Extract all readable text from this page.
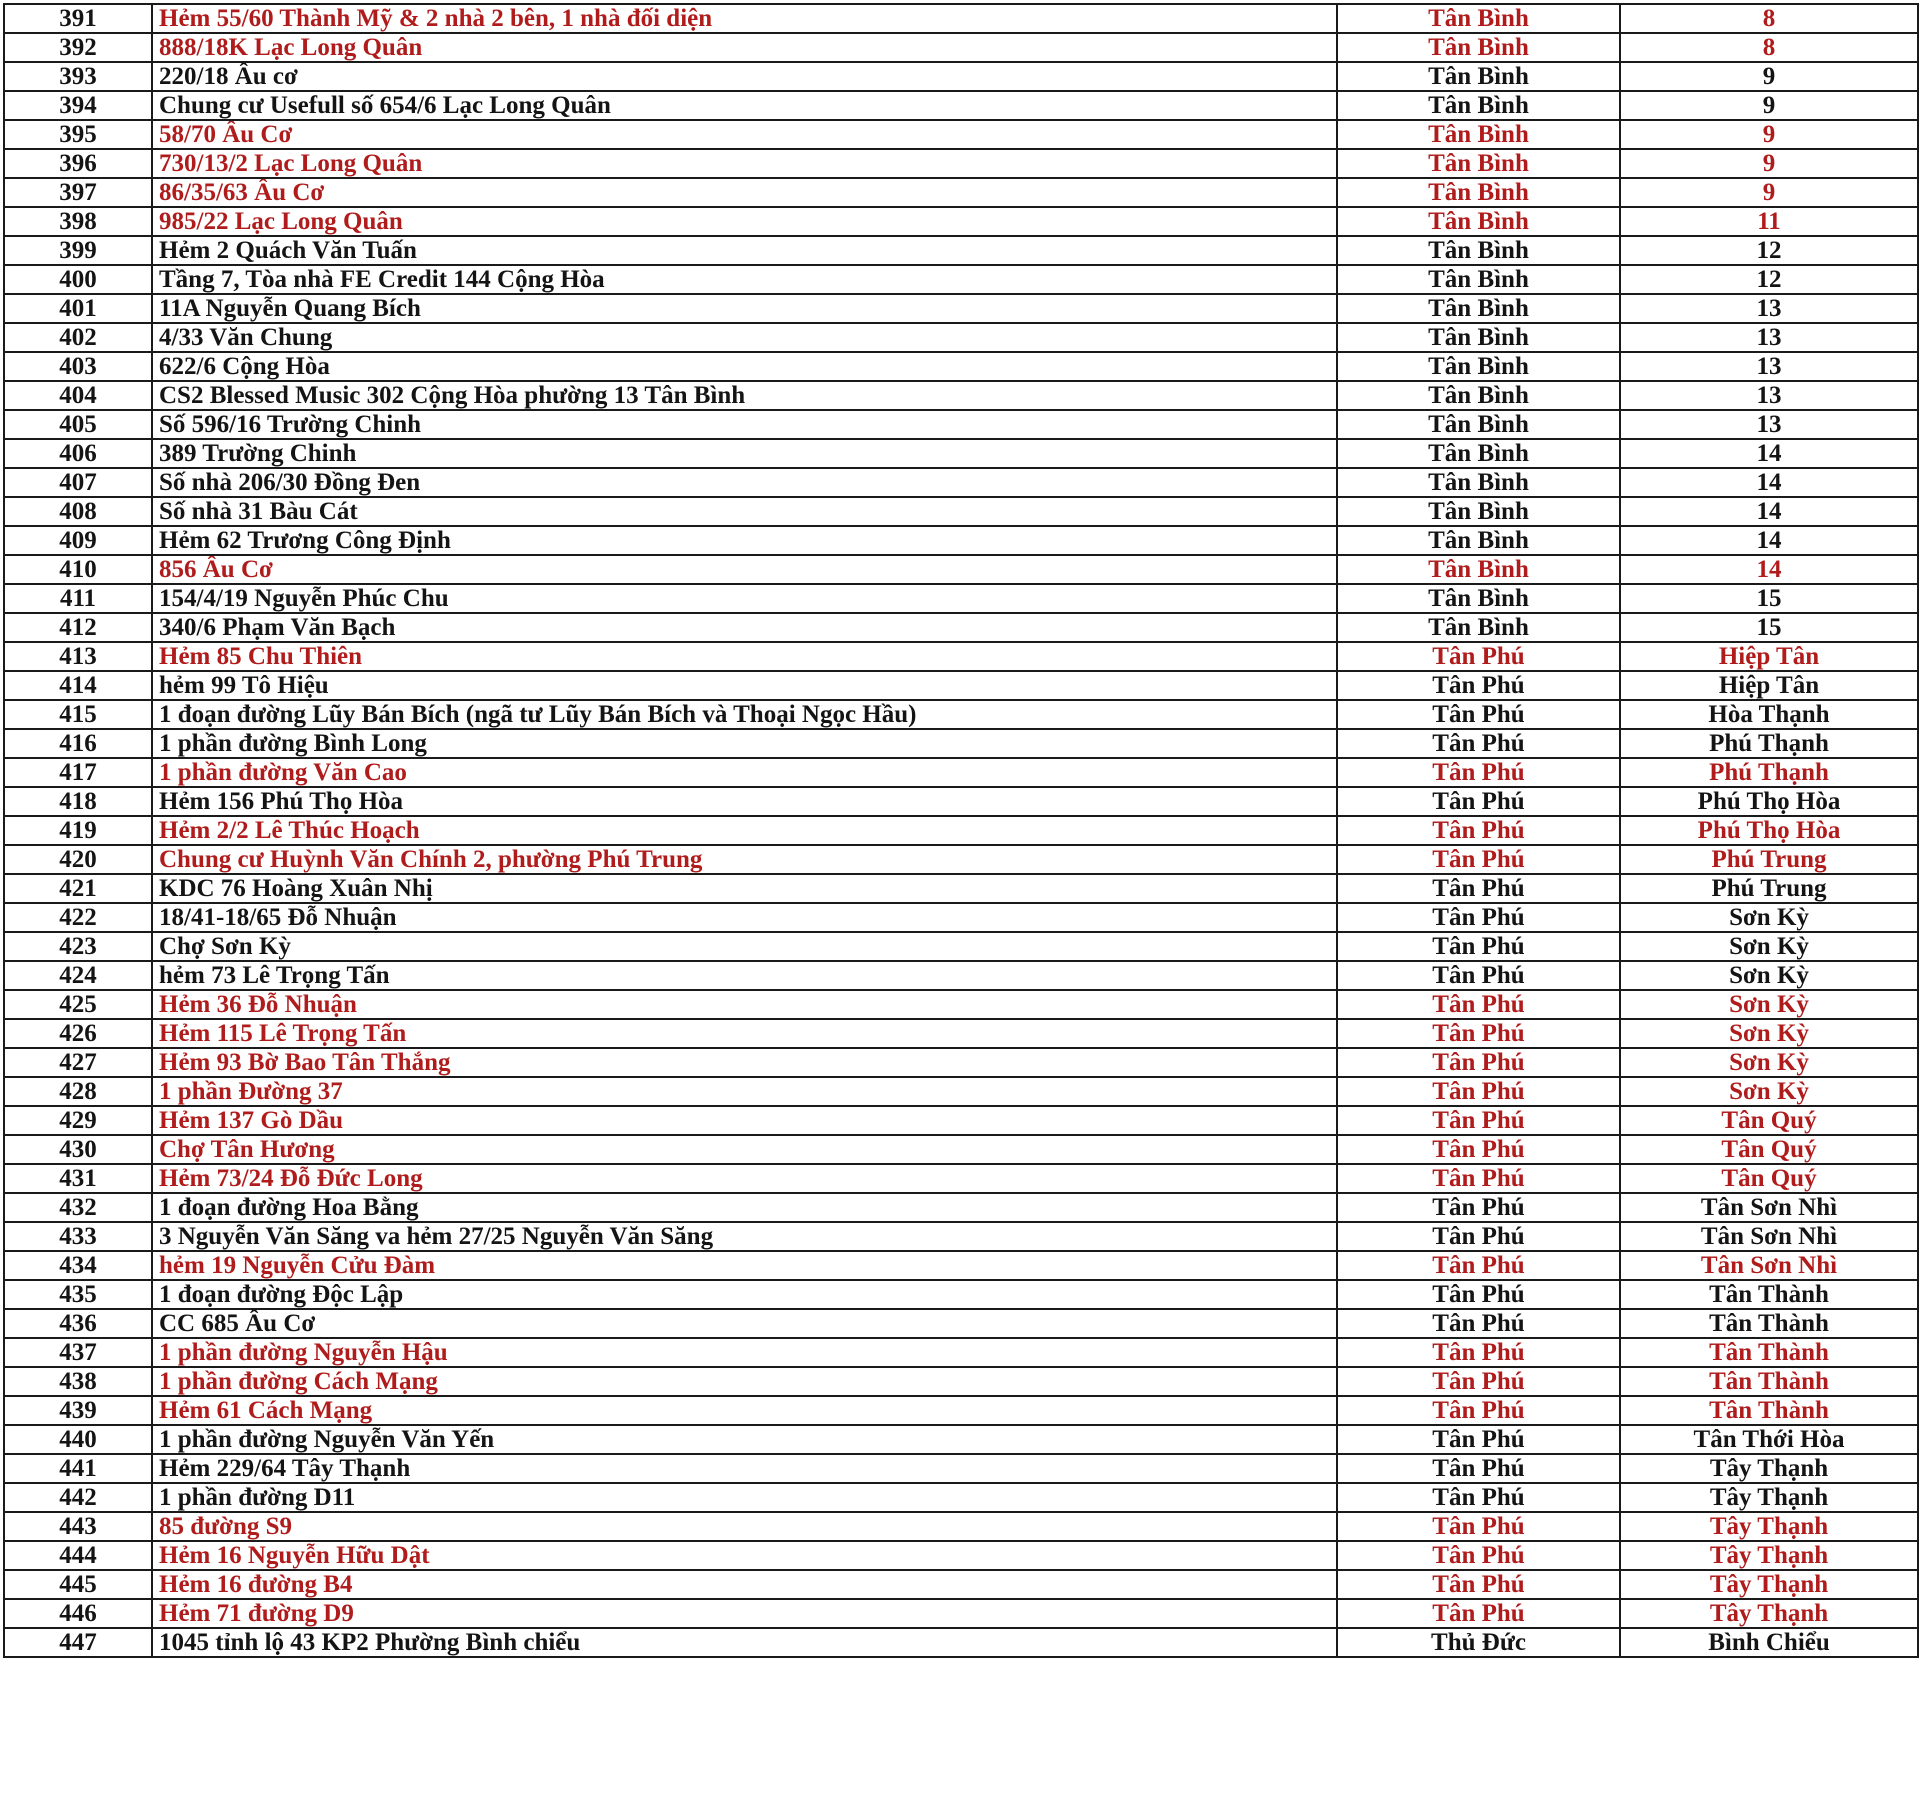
391	Hẻm 55/60 Thành Mỹ & 2 nhà 2 bên, 1 nhà đối diện	Tân Bình	8
392	888/18K Lạc Long Quân	Tân Bình	8
393	220/18 Âu cơ	Tân Bình	9
394	Chung cư Usefull số 654/6 Lạc Long Quân	Tân Bình	9
395	58/70 Âu Cơ	Tân Bình	9
396	730/13/2 Lạc Long Quân	Tân Bình	9
397	86/35/63 Âu Cơ	Tân Bình	9
398	985/22 Lạc Long Quân	Tân Bình	11
399	Hẻm 2 Quách Văn Tuấn	Tân Bình	12
400	Tầng 7, Tòa nhà FE Credit 144 Cộng Hòa	Tân Bình	12
401	11A Nguyễn Quang Bích	Tân Bình	13
402	4/33 Văn Chung	Tân Bình	13
403	622/6 Cộng Hòa	Tân Bình	13
404	CS2 Blessed Music 302 Cộng Hòa phường 13 Tân Bình	Tân Bình	13
405	Số 596/16 Trường Chinh	Tân Bình	13
406	389 Trường Chinh	Tân Bình	14
407	Số nhà 206/30 Đồng Đen	Tân Bình	14
408	Số nhà 31 Bàu Cát	Tân Bình	14
409	Hẻm 62 Trương Công Định	Tân Bình	14
410	856 Âu Cơ	Tân Bình	14
411	154/4/19 Nguyễn Phúc Chu	Tân Bình	15
412	340/6 Phạm Văn Bạch	Tân Bình	15
413	Hẻm 85 Chu Thiên	Tân Phú	Hiệp Tân
414	hẻm 99 Tô Hiệu	Tân Phú	Hiệp Tân
415	1 đoạn đường Lũy Bán Bích (ngã tư Lũy Bán Bích và Thoại Ngọc Hầu)	Tân Phú	Hòa Thạnh
416	1 phần đường Bình Long	Tân Phú	Phú Thạnh
417	1 phần đường Văn Cao	Tân Phú	Phú Thạnh
418	Hẻm 156 Phú Thọ Hòa	Tân Phú	Phú Thọ Hòa
419	Hẻm 2/2 Lê Thúc Hoạch	Tân Phú	Phú Thọ Hòa
420	Chung cư Huỳnh Văn Chính 2, phường Phú Trung	Tân Phú	Phú Trung
421	KDC 76 Hoàng Xuân Nhị	Tân Phú	Phú Trung
422	18/41-18/65 Đỗ Nhuận	Tân Phú	Sơn Kỳ
423	Chợ Sơn Kỳ	Tân Phú	Sơn Kỳ
424	hẻm 73 Lê Trọng Tấn	Tân Phú	Sơn Kỳ
425	Hẻm 36 Đỗ Nhuận	Tân Phú	Sơn Kỳ
426	Hẻm 115 Lê Trọng Tấn	Tân Phú	Sơn Kỳ
427	Hẻm 93 Bờ Bao Tân Thắng	Tân Phú	Sơn Kỳ
428	1 phần Đường 37	Tân Phú	Sơn Kỳ
429	Hẻm 137 Gò Dầu	Tân Phú	Tân Quý
430	Chợ Tân Hương	Tân Phú	Tân Quý
431	Hẻm 73/24 Đỗ Đức Long	Tân Phú	Tân Quý
432	1 đoạn đường Hoa Bằng	Tân Phú	Tân Sơn Nhì
433	3 Nguyễn Văn Săng va hẻm 27/25 Nguyễn Văn Săng	Tân Phú	Tân Sơn Nhì
434	hẻm 19 Nguyễn Cửu Đàm	Tân Phú	Tân Sơn Nhì
435	1 đoạn đường Độc Lập	Tân Phú	Tân Thành
436	CC 685 Âu Cơ	Tân Phú	Tân Thành
437	1 phần đường Nguyễn Hậu	Tân Phú	Tân Thành
438	1 phần đường Cách Mạng	Tân Phú	Tân Thành
439	Hẻm 61 Cách Mạng	Tân Phú	Tân Thành
440	1 phần đường Nguyễn Văn Yến	Tân Phú	Tân Thới Hòa
441	Hẻm 229/64 Tây Thạnh	Tân Phú	Tây Thạnh
442	1 phần đường D11	Tân Phú	Tây Thạnh
443	85 đường S9	Tân Phú	Tây Thạnh
444	Hẻm 16 Nguyễn Hữu Dật	Tân Phú	Tây Thạnh
445	Hẻm 16 đường B4	Tân Phú	Tây Thạnh
446	Hẻm 71 đường D9	Tân Phú	Tây Thạnh
447	1045 tỉnh lộ 43 KP2 Phường Bình chiểu	Thủ Đức	Bình Chiểu
